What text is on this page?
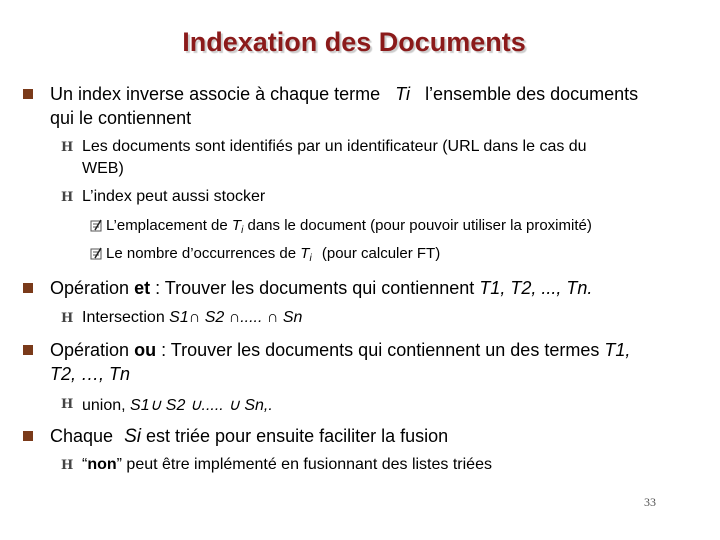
Indexation des Documents
Un index inverse associe à chaque terme Ti l’ensemble des documents
qui le contiennent
H Les documents sont identifiés par un identificateur (URL dans le cas du
WEB)
H L’index peut aussi stocker
L’emplacement de $T_i$ dans le document (pour pouvoir utiliser la proximité)
Le nombre d’occurrences de $T_i$ (pour calculer FT)
Opération et : Trouver les documents qui contiennent T1, T2, ..., Tn.
H Intersection S1∩ S2 ∩..... ∩ Sn
Opération ou : Trouver les documents qui contiennent un des termes T1,
T2, …, Tn
H union, S1∪ S2 ∪..... ∪ Sn,.
Chaque Si est triée pour ensuite faciliter la fusion
H “non” peut être implémenté en fusionnant des listes triées
33
